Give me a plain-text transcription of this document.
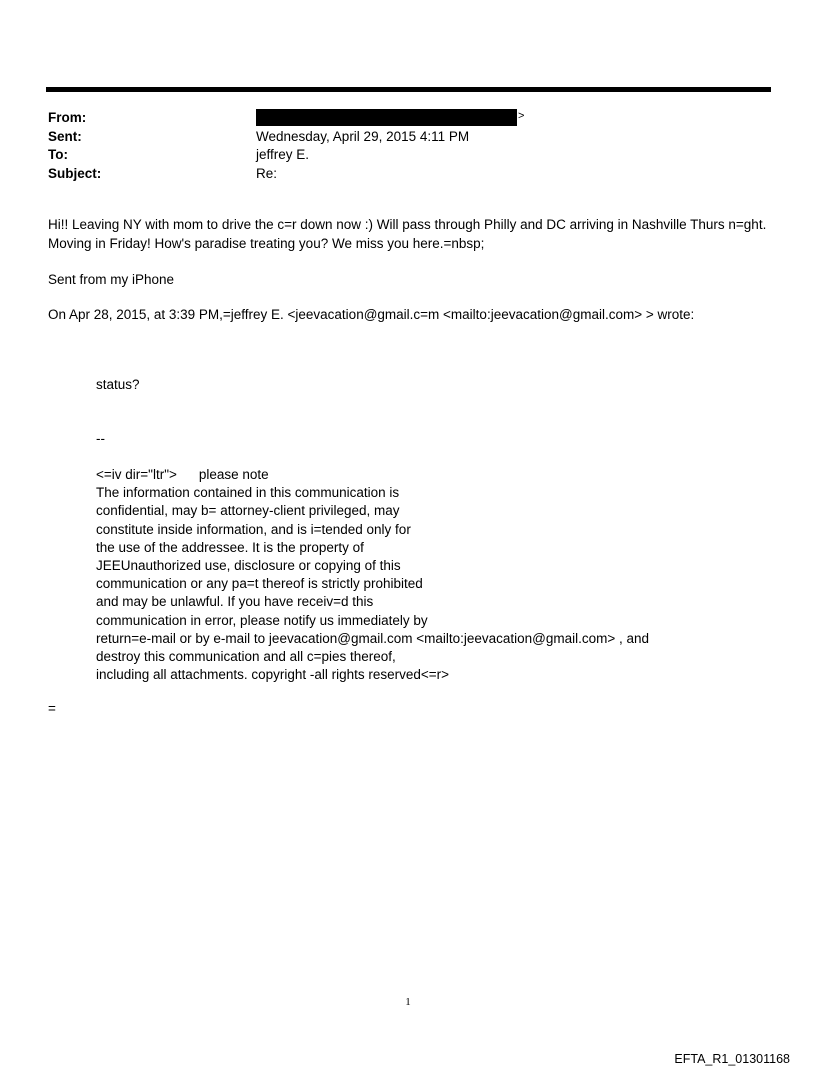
From:	>
Sent:	Wednesday, April 29, 2015 4:11 PM
To:	jeffrey E.
Subject:	Re:
Hi!! Leaving NY with mom to drive the c=r down now :) Will pass through Philly and DC arriving in Nashville Thurs n=ght.
Moving in Friday! How's paradise treating you? We miss you here.=nbsp;
Sent from my iPhone
On Apr 28, 2015, at 3:39 PM,=jeffrey E. <jeevacation@gmail.c=m <mailto:jeevacation@gmail.com> > wrote:
status?
--
<=iv dir="ltr"> please note
The information contained in this communication is
confidential, may b= attorney-client privileged, may
constitute inside information, and is i=tended only for
the use of the addressee. It is the property of
JEEUnauthorized use, disclosure or copying of this
communication or any pa=t thereof is strictly prohibited
and may be unlawful. If you have receiv=d this
communication in error, please notify us immediately by
return=e-mail or by e-mail to jeevacation@gmail.com <mailto:jeevacation@gmail.com> , and
destroy this communication and all c=pies thereof,
including all attachments. copyright -all rights reserved<=r>
=
1
EFTA_R1_01301168
